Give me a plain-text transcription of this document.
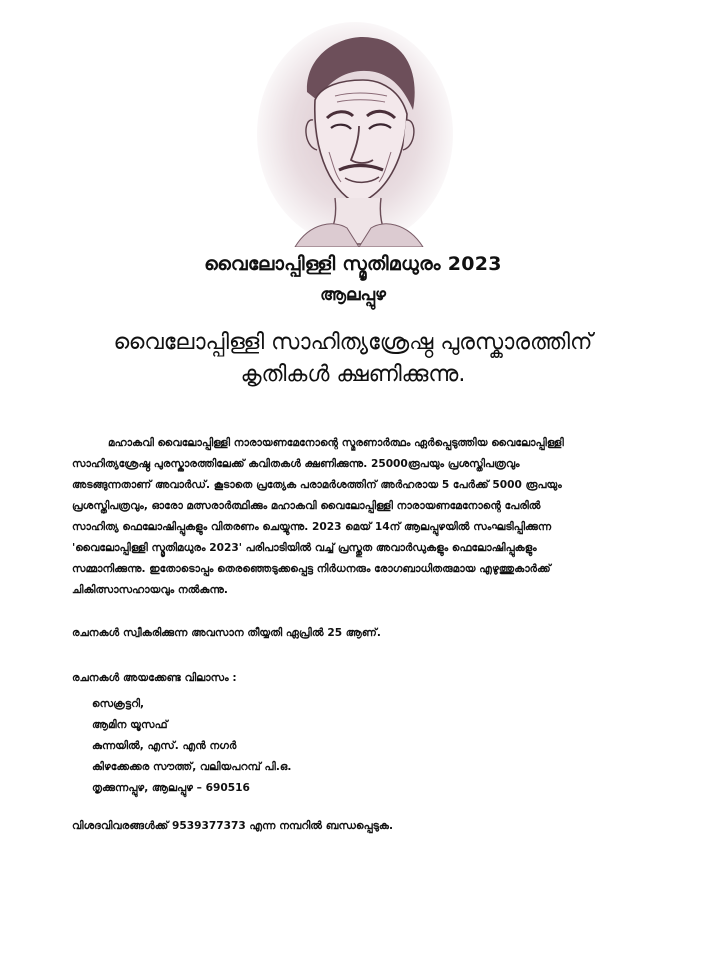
വൈലോപ്പിള്ളി സ്മൃതിമധുരം 2023
ആലപ്പുഴ
വൈലോപ്പിള്ളി സാഹിത്യശ്രേഷ്ഠ പുരസ്കാരത്തിന്
കൃതികൾ ക്ഷണിക്കുന്നു.
മഹാകവി വൈലോപ്പിള്ളി നാരായണമേനോന്റെ സ്മരണാർത്ഥം ഏർപ്പെടുത്തിയ വൈലോപ്പിള്ളി
സാഹിത്യശ്രേഷ്ഠ പുരസ്കാരത്തിലേക്ക് കവിതകൾ ക്ഷണിക്കുന്നു. 25000രൂപയും പ്രശസ്തിപത്രവും
അടങ്ങുന്നതാണ് അവാർഡ്. കൂടാതെ പ്രത്യേക പരാമർശത്തിന് അർഹരായ 5 പേർക്ക് 5000 രൂപയും
പ്രശസ്തിപത്രവും, ഓരോ മത്സരാർത്ഥിക്കും മഹാകവി വൈലോപ്പിള്ളി നാരായണമേനോന്റെ പേരിൽ
സാഹിത്യ ഫെലോഷിപ്പുകളും വിതരണം ചെയ്യുന്നു. 2023 മെയ് 14ന് ആലപ്പുഴയിൽ സംഘടിപ്പിക്കുന്ന
'വൈലോപ്പിള്ളി സ്മൃതിമധുരം 2023' പരിപാടിയിൽ വച്ച് പ്രസ്തുത അവാർഡുകളും ഫെലോഷിപ്പുകളും
സമ്മാനിക്കുന്നു. ഇതോടൊപ്പം തെരഞ്ഞെടുക്കപ്പെട്ട നിർധനരും രോഗബാധിതരുമായ എഴുത്തുകാർക്ക്
ചികിത്സാസഹായവും നൽകുന്നു.
രചനകൾ സ്വീകരിക്കുന്ന അവസാന തീയ്യതി ഏപ്രിൽ 25 ആണ്.
രചനകൾ അയക്കേണ്ട വിലാസം :
സെക്രട്ടറി,
ആമിന യൂസഫ്
കുന്നയിൽ, എസ്. എൻ നഗർ
കിഴക്കേക്കര സൗത്ത്, വലിയപറമ്പ് പി.ഒ.
തൃക്കുന്നപ്പുഴ, ആലപ്പുഴ – 690516
വിശദവിവരങ്ങൾക്ക് 9539377373 എന്ന നമ്പറിൽ ബന്ധപ്പെടുക.
